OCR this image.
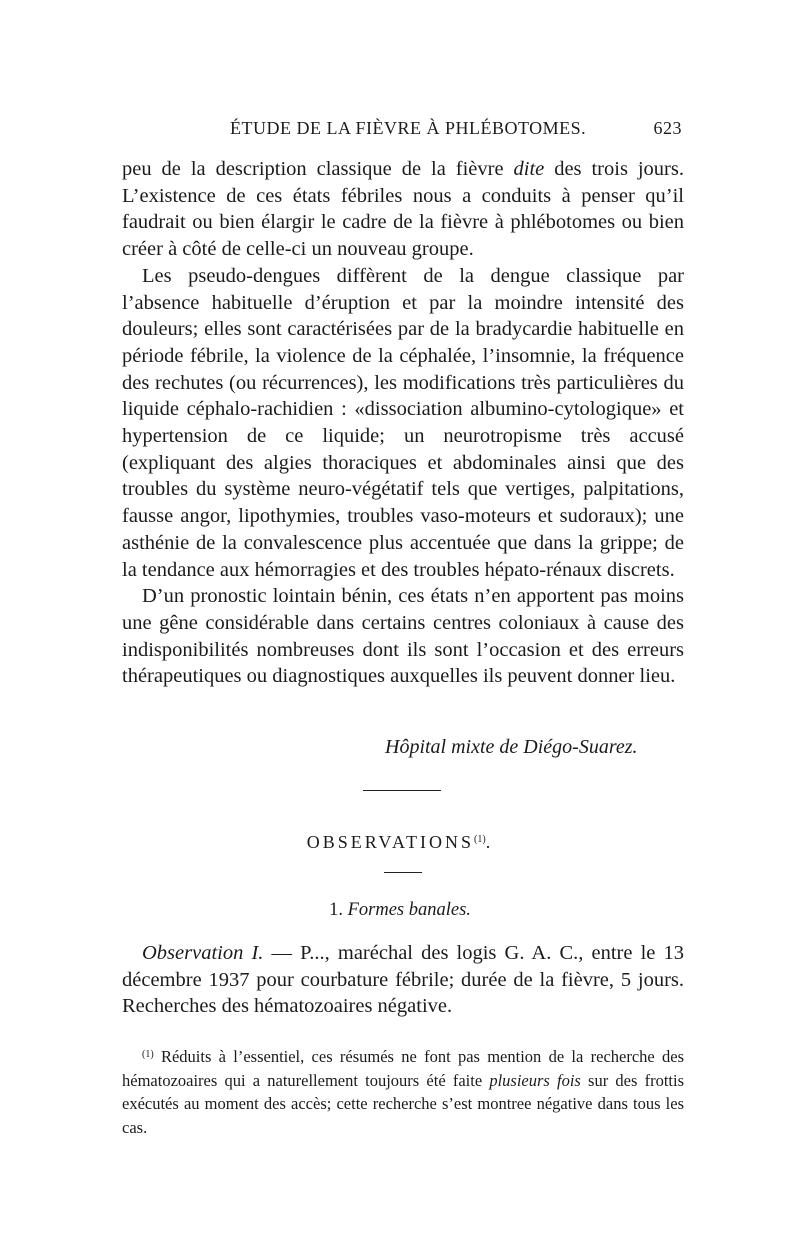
ÉTUDE DE LA FIÈVRE À PHLÉBOTOMES.	623

peu de la description classique de la fièvre dite des trois jours. L’existence de ces états fébriles nous a conduits à penser qu’il faudrait ou bien élargir le cadre de la fièvre à phlébotomes ou bien créer à côté de celle-ci un nouveau groupe.

Les pseudo-dengues diffèrent de la dengue classique par l’absence habituelle d’éruption et par la moindre intensité des douleurs; elles sont caractérisées par de la bradycardie habituelle en période fébrile, la violence de la céphalée, l’insomnie, la fréquence des rechutes (ou récurrences), les modifications très particulières du liquide céphalo-rachidien : «dissociation albumino-cytologique» et hypertension de ce liquide; un neurotropisme très accusé (expliquant des algies thoraciques et abdominales ainsi que des troubles du système neuro-végétatif tels que vertiges, palpitations, fausse angor, lipothymies, troubles vaso-moteurs et sudoraux); une asthénie de la convalescence plus accentuée que dans la grippe; de la tendance aux hémorragies et des troubles hépato-rénaux discrets.

D’un pronostic lointain bénin, ces états n’en apportent pas moins une gêne considérable dans certains centres coloniaux à cause des indisponibilités nombreuses dont ils sont l’occasion et des erreurs thérapeutiques ou diagnostiques auxquelles ils peuvent donner lieu.

Hôpital mixte de Diégo-Suarez.
OBSERVATIONS$^{(1)}$.
1. Formes banales.

Observation I. — P..., maréchal des logis G. A. C., entre le 13 décembre 1937 pour courbature fébrile; durée de la fièvre, 5 jours. Recherches des hématozoaires négative.

$^{(1)}$ Réduits à l’essentiel, ces résumés ne font pas mention de la recherche des hématozoaires qui a naturellement toujours été faite plusieurs fois sur des frottis exécutés au moment des accès; cette recherche s’est montree négative dans tous les cas.
